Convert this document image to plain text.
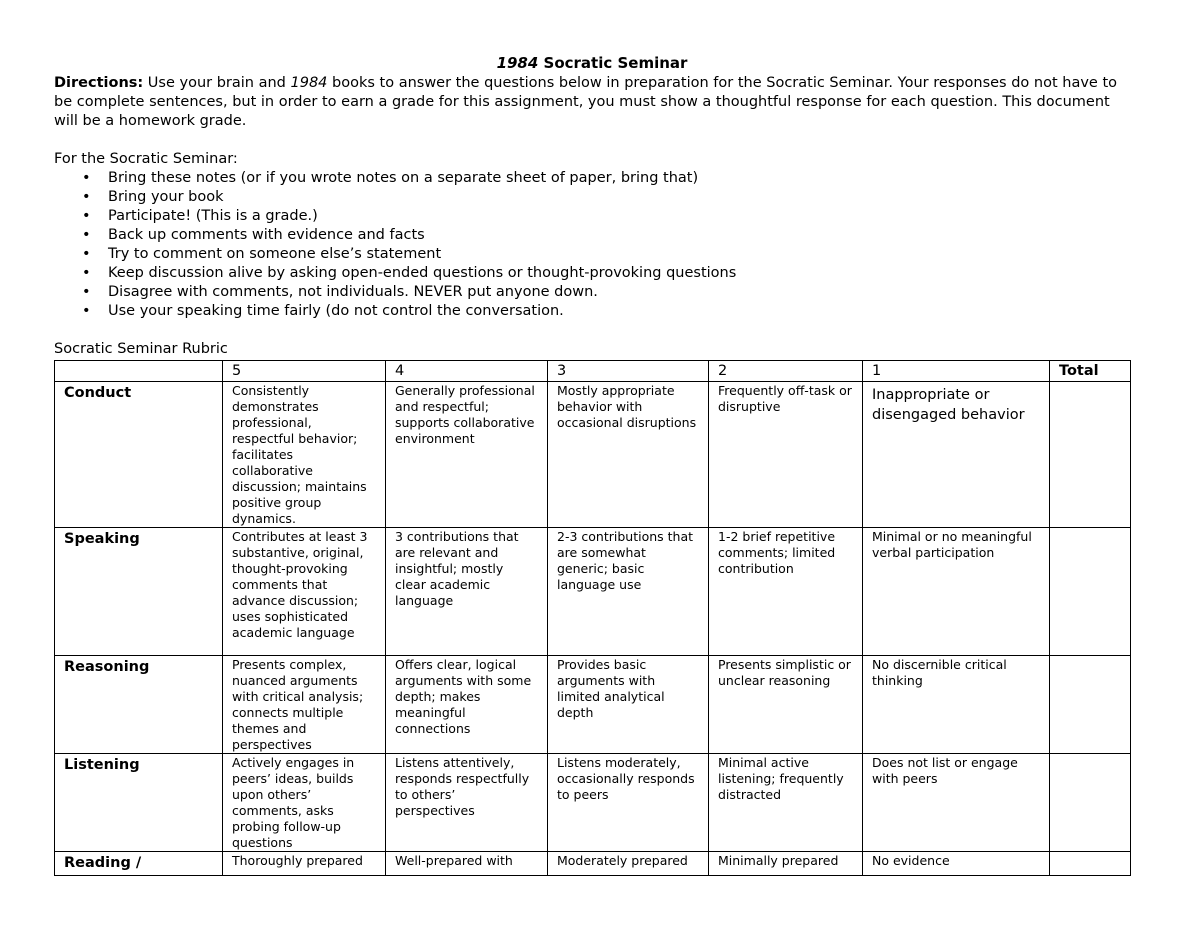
1984 Socratic Seminar

Directions: Use your brain and 1984 books to answer the questions below in preparation for the Socratic Seminar. Your responses do not have to be complete sentences, but in order to earn a grade for this assignment, you must show a thoughtful response for each question. This document will be a homework grade.

For the Socratic Seminar:

• Bring these notes (or if you wrote notes on a separate sheet of paper, bring that)
• Bring your book
• Participate! (This is a grade.)
• Back up comments with evidence and facts
• Try to comment on someone else’s statement
• Keep discussion alive by asking open-ended questions or thought-provoking questions
• Disagree with comments, not individuals. NEVER put anyone down.
• Use your speaking time fairly (do not control the conversation.

Socratic Seminar Rubric

	5	4	3	2	1	Total
Conduct	Consistently demonstrates professional, respectful behavior; facilitates collaborative discussion; maintains positive group dynamics.	Generally professional and respectful; supports collaborative environment	Mostly appropriate behavior with occasional disruptions	Frequently off-task or disruptive	Inappropriate or disengaged behavior	
Speaking	Contributes at least 3 substantive, original, thought-provoking comments that advance discussion; uses sophisticated academic language	3 contributions that are relevant and insightful; mostly clear academic language	2-3 contributions that are somewhat generic; basic language use	1-2 brief repetitive comments; limited contribution	Minimal or no meaningful verbal participation	
Reasoning	Presents complex, nuanced arguments with critical analysis; connects multiple themes and perspectives	Offers clear, logical arguments with some depth; makes meaningful connections	Provides basic arguments with limited analytical depth	Presents simplistic or unclear reasoning	No discernible critical thinking	
Listening	Actively engages in peers’ ideas, builds upon others’ comments, asks probing follow-up questions	Listens attentively, responds respectfully to others’ perspectives	Listens moderately, occasionally responds to peers	Minimal active listening; frequently distracted	Does not list or engage with peers	
Reading /	Thoroughly prepared	Well-prepared with	Moderately prepared	Minimally prepared	No evidence	
